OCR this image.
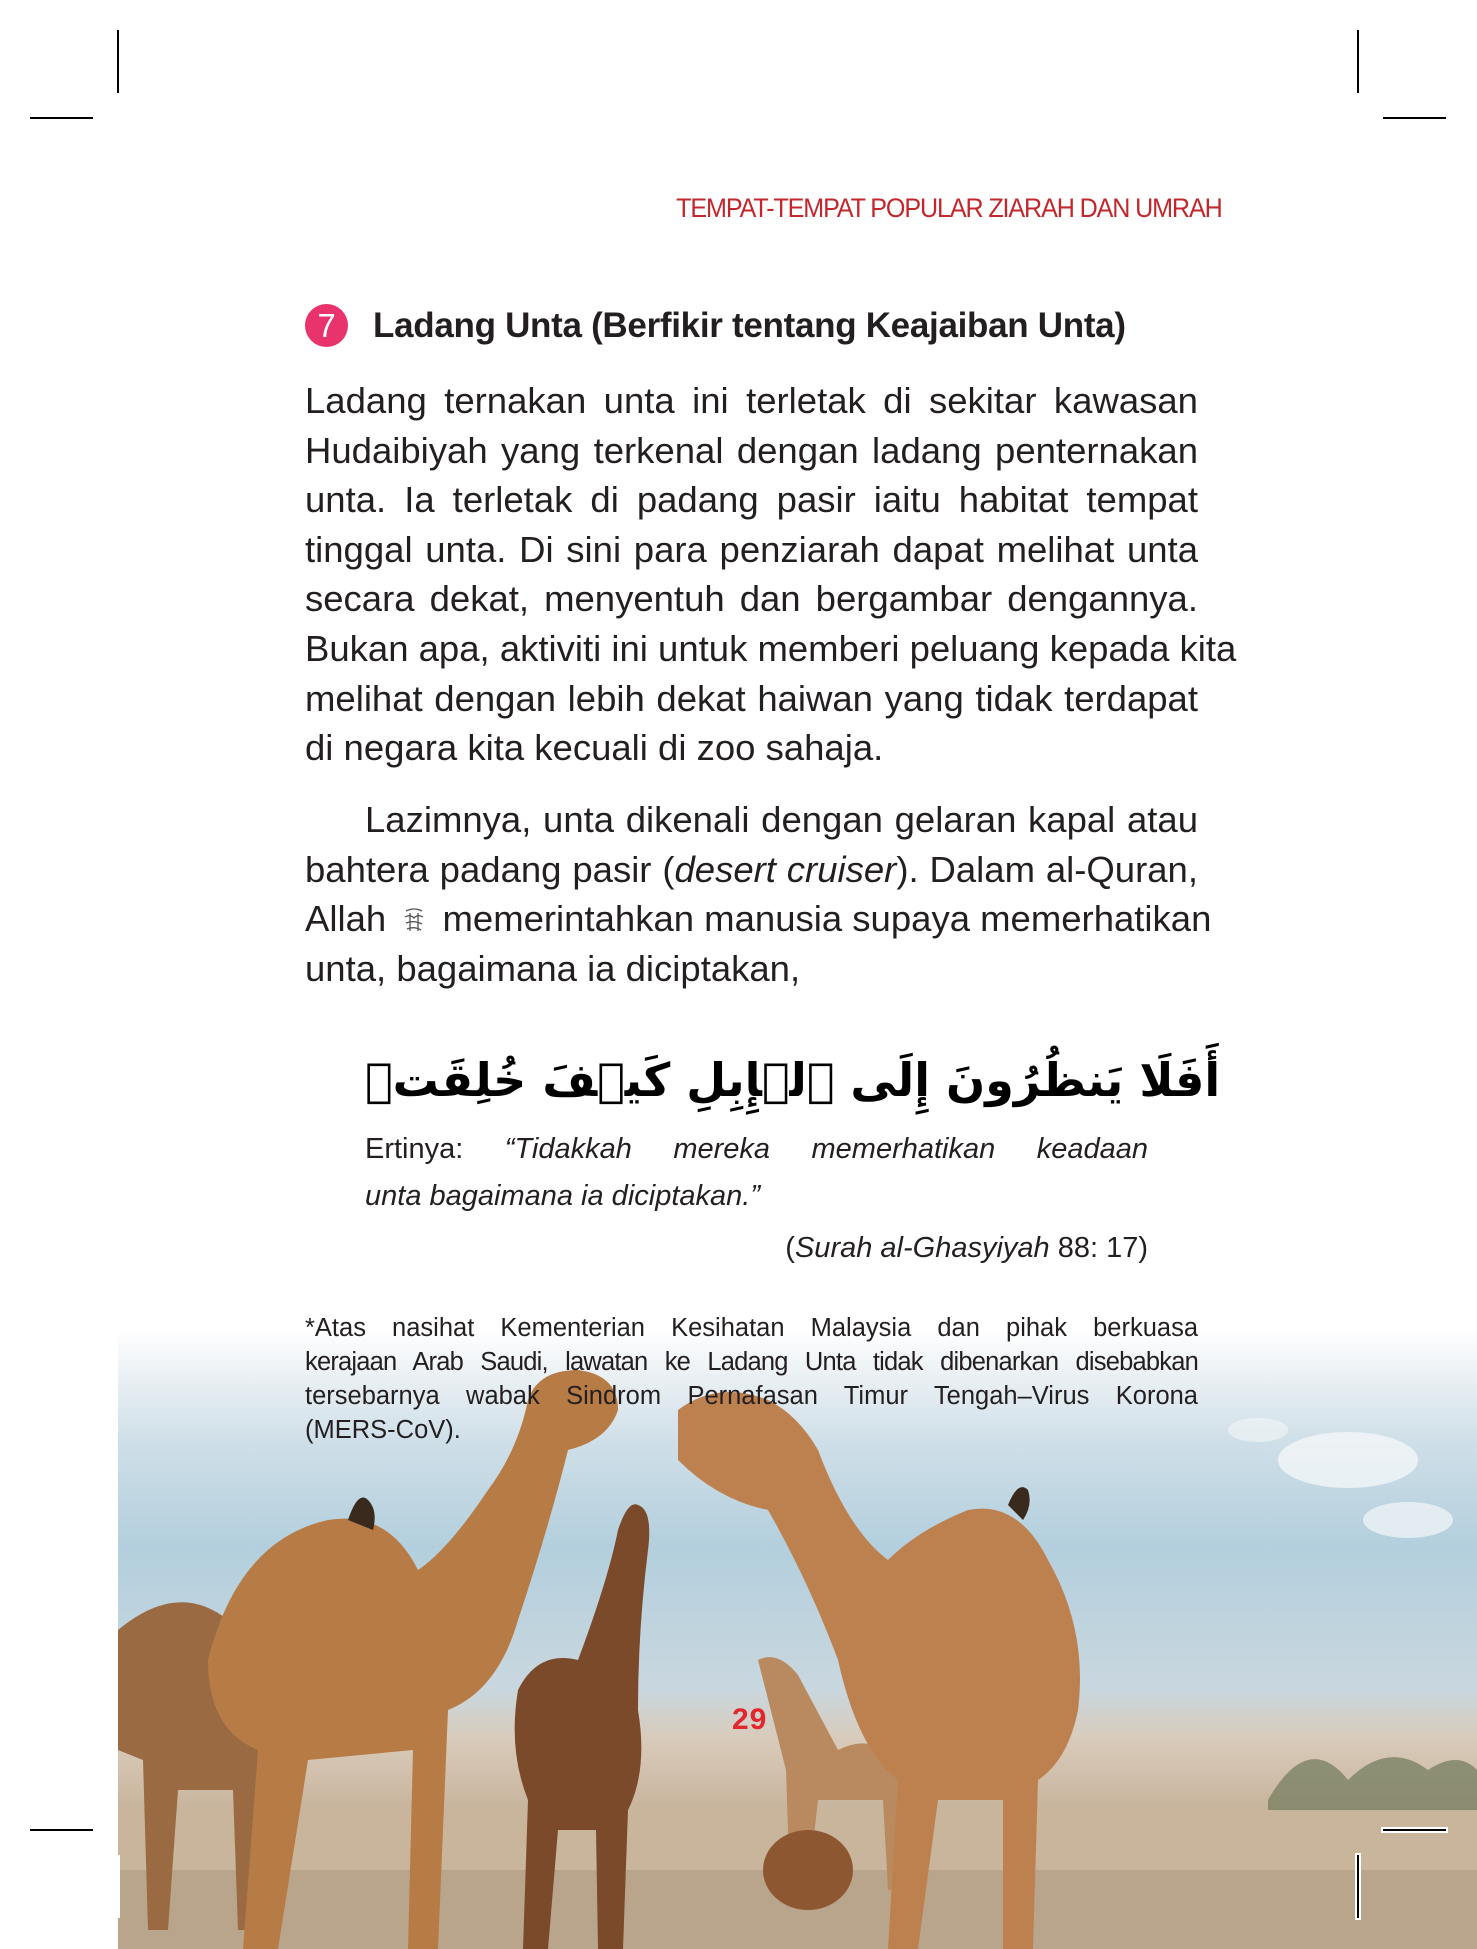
TEMPAT-TEMPAT POPULAR ZIARAH DAN UMRAH
7	Ladang Unta (Berfikir tentang Keajaiban Unta)
Ladang ternakan unta ini terletak di sekitar kawasan
Hudaibiyah yang terkenal dengan ladang penternakan
unta. Ia terletak di padang pasir iaitu habitat tempat
tinggal unta. Di sini para penziarah dapat melihat unta
secara dekat, menyentuh dan bergambar dengannya.
Bukan apa, aktiviti ini untuk memberi peluang kepada kita
melihat dengan lebih dekat haiwan yang tidak terdapat
di negara kita kecuali di zoo sahaja.
Lazimnya, unta dikenali dengan gelaran kapal atau
bahtera padang pasir (desert cruiser). Dalam al-Quran,
Allah memerintahkan manusia supaya memerhatikan
unta, bagaimana ia diciptakan,
أَفَلَا يَنظُرُونَ إِلَى ٱلۡإِبِلِ كَيۡفَ خُلِقَتۡ
Ertinya: “Tidakkah mereka memerhatikan keadaan
unta bagaimana ia diciptakan.”
(Surah al-Ghasyiyah 88: 17)
*Atas nasihat Kementerian Kesihatan Malaysia dan pihak berkuasa
kerajaan Arab Saudi, lawatan ke Ladang Unta tidak dibenarkan disebabkan
tersebarnya wabak Sindrom Pernafasan Timur Tengah–Virus Korona
(MERS-CoV).
29
